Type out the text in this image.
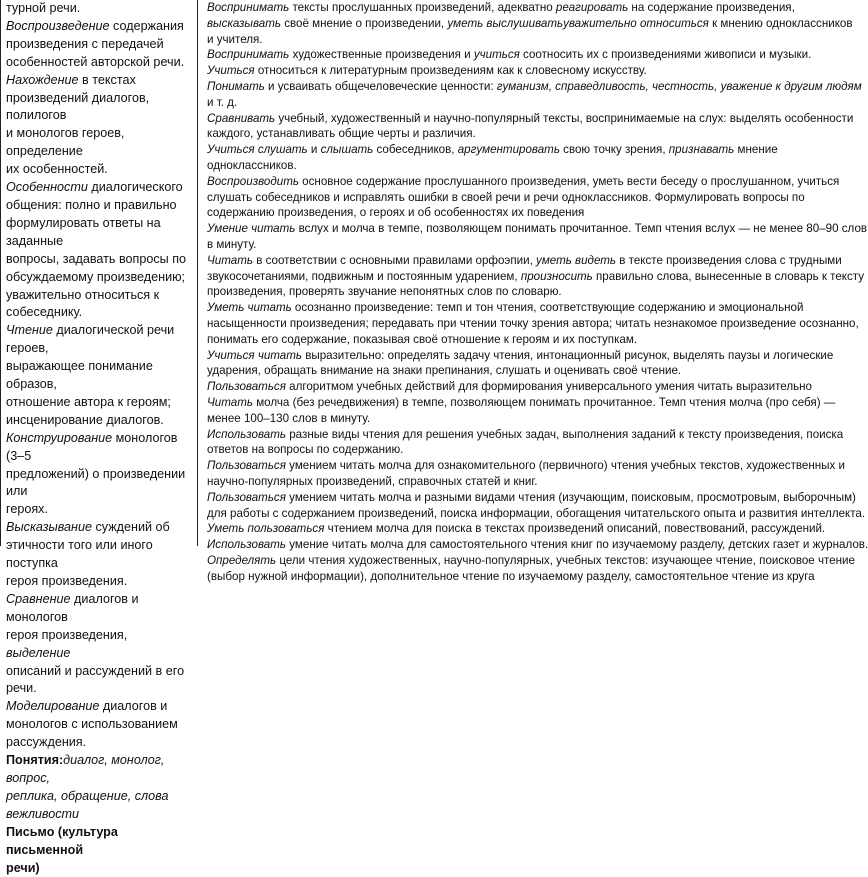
турной речи.

Воспроизведение содержания

произведения с передачей

особенностей авторской речи.

Нахождение в текстах

произведений диалогов, полилогов

и монологов героев, определение

их особенностей.

Особенности диалогического

общения: полно и правильно

формулировать ответы на заданные

вопросы, задавать вопросы по

обсуждаемому произведению;

уважительно относиться к

собеседнику.

Чтение диалогической речи героев,

выражающее понимание образов,

отношение автора к героям;

инсценирование диалогов.

Конструирование монологов (3–5

предложений) о произведении или

героях.

Высказывание суждений об

этичности того или иного поступка

героя произведения.

Сравнение диалогов и монологов

героя произведения, выделение

описаний и рассуждений в его речи.

Моделирование диалогов и

монологов с использованием

рассуждения.

Понятия:диалог, монолог, вопрос,

реплика, обращение, слова

вежливости

Письмо (культура письменной

речи)

Воспринимать тексты прослушанных произведений, адекватно реагировать на содержание произведения,

высказывать своё мнение о произведении, уметь выслушиватьуважительно относиться к мнению одноклассников

и учителя.

Воспринимать художественные произведения и учиться соотносить их с произведениями живописи и музыки.

Учиться относиться к литературным произведениям как к словесному искусству.

Понимать и усваивать общечеловеческие ценности: гуманизм, справедливость, честность, уважение к другим людям

и т. д.

Сравнивать учебный, художественный и научно-популярный тексты, воспринимаемые на слух: выделять особенности

каждого, устанавливать общие черты и различия.

Учиться слушать и слышать собеседников, аргументировать свою точку зрения, признавать мнение

одноклассников.

Воспроизводить основное содержание прослушанного произведения, уметь вести беседу о прослушанном, учиться

слушать собеседников и исправлять ошибки в своей речи и речи одноклассников. Формулировать вопросы по

содержанию произведения, о героях и об особенностях их поведения

Умение читать вслух и молча в темпе, позволяющем понимать прочитанное. Темп чтения вслух — не менее 80–90 слов

в минуту.

Читать в соответствии с основными правилами орфоэпии, уметь видеть в тексте произведения слова с трудными

звукосочетаниями, подвижным и постоянным ударением, произносить правильно слова, вынесенные в словарь к тексту

произведения, проверять звучание непонятных слов по словарю.

Уметь читать осознанно произведение: темп и тон чтения, соответствующие содержанию и эмоциональной

насыщенности произведения; передавать при чтении точку зрения автора; читать незнакомое произведение осознанно,

понимать его содержание, показывая своё отношение к героям и их поступкам.

Учиться читать выразительно: определять задачу чтения, интонационный рисунок, выделять паузы и логические

ударения, обращать внимание на знаки препинания, слушать и оценивать своё чтение.

Пользоваться алгоритмом учебных действий для формирования универсального умения читать выразительно

Читать молча (без речедвижения) в темпе, позволяющем понимать прочитанное. Темп чтения молча (про себя) —

менее 100–130 слов в минуту.

Использовать разные виды чтения для решения учебных задач, выполнения заданий к тексту произведения, поиска

ответов на вопросы по содержанию.

Пользоваться умением читать молча для ознакомительного (первичного) чтения учебных текстов, художественных и

научно-популярных произведений, справочных статей и книг.

Пользоваться умением читать молча и разными видами чтения (изучающим, поисковым, просмотровым, выборочным)

для работы с содержанием произведений, поиска информации, обогащения читательского опыта и развития интеллекта.

Уметь пользоваться чтением молча для поиска в текстах произведений описаний, повествований, рассуждений.

Использовать умение читать молча для самостоятельного чтения книг по изучаемому разделу, детских газет и журналов.

Определять цели чтения художественных, научно-популярных, учебных текстов: изучающее чтение, поисковое чтение

(выбор нужной информации), дополнительное чтение по изучаемому разделу, самостоятельное чтение из круга
